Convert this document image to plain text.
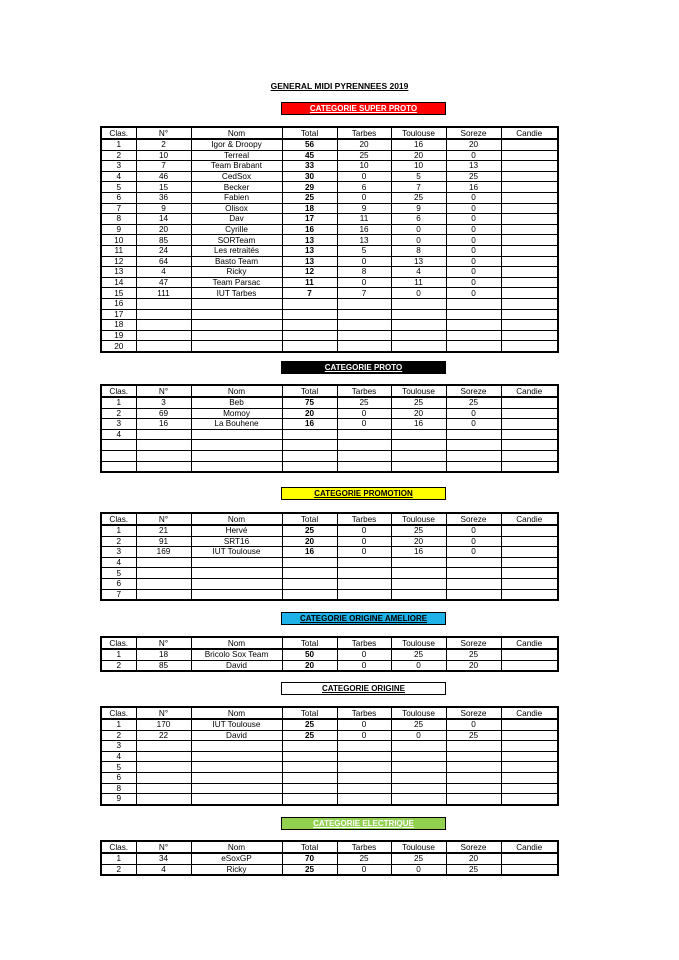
GENERAL MIDI PYRENNEES 2019
CATEGORIE SUPER PROTO
Clas.	N°	Nom	Total	Tarbes	Toulouse	Soreze	Candie
1	2	Igor & Droopy	56	20	16	20	
2	10	Terreal	45	25	20	0	
3	7	Team Brabant	33	10	10	13	
4	46	CedSox	30	0	5	25	
5	15	Becker	29	6	7	16	
6	36	Fabien	25	0	25	0	
7	9	Olisox	18	9	9	0	
8	14	Dav	17	11	6	0	
9	20	Cyrille	16	16	0	0	
10	85	SORTeam	13	13	0	0	
11	24	Les retraités	13	5	8	0	
12	64	Basto Team	13	0	13	0	
13	4	Ricky	12	8	4	0	
14	47	Team Parsac	11	0	11	0	
15	111	IUT Tarbes	7	7	0	0	
16							
17							
18							
19							
20							
CATEGORIE PROTO
Clas.	N°	Nom	Total	Tarbes	Toulouse	Soreze	Candie
1	3	Beb	75	25	25	25	
2	69	Momoy	20	0	20	0	
3	16	La Bouhene	16	0	16	0	
4							

CATEGORIE PROMOTION
Clas.	N°	Nom	Total	Tarbes	Toulouse	Soreze	Candie
1	21	Hervé	25	0	25	0	
2	91	SRT16	20	0	20	0	
3	169	IUT Toulouse	16	0	16	0	
4							
5							
6							
7							
CATEGORIE ORIGINE AMELIORE
Clas.	N°	Nom	Total	Tarbes	Toulouse	Soreze	Candie
1	18	Bricolo Sox Team	50	0	25	25	
2	85	David	20	0	0	20	
CATEGORIE ORIGINE
Clas.	N°	Nom	Total	Tarbes	Toulouse	Soreze	Candie
1	170	IUT Toulouse	25	0	25	0	
2	22	David	25	0	0	25	
3							
4							
5							
6							
8							
9							
CATEGORIE ELECTRIQUE
Clas.	N°	Nom	Total	Tarbes	Toulouse	Soreze	Candie
1	34	eSoxGP	70	25	25	20	
2	4	Ricky	25	0	0	25	
